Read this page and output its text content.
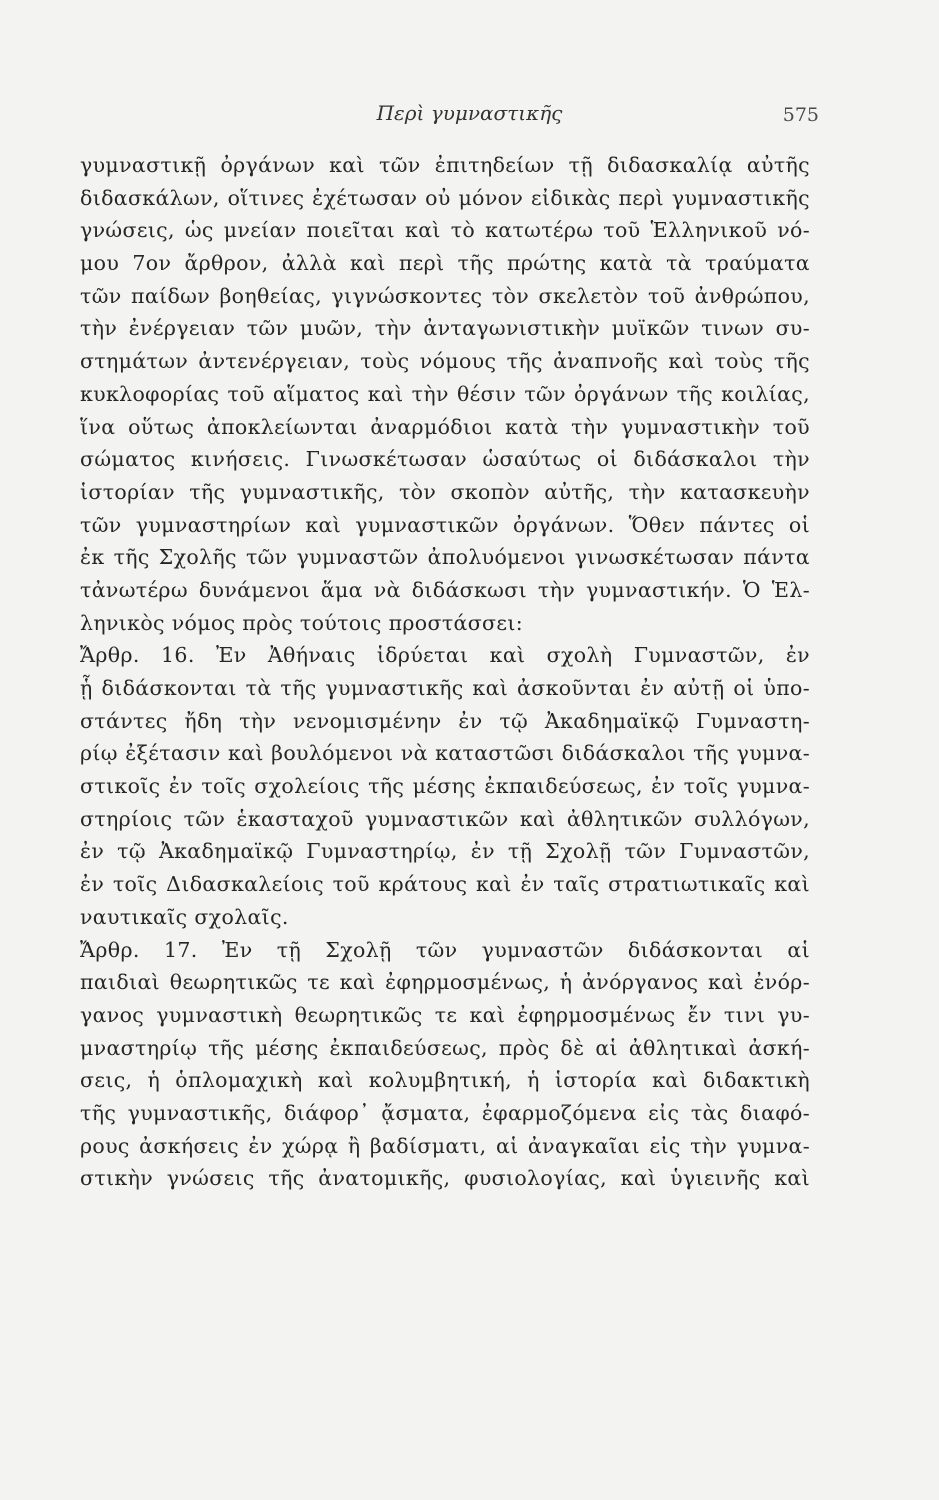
Περὶ γυμναστικῆς	575
γυμναστικῇ ὀργάνων καὶ τῶν ἐπιτηδείων τῇ διδασκαλίᾳ αὐτῆς
διδασκάλων, οἵτινες ἐχέτωσαν οὐ μόνον εἰδικὰς περὶ γυμναστικῆς
γνώσεις, ὡς μνείαν ποιεῖται καὶ τὸ κατωτέρω τοῦ Ἑλληνικοῦ νό-
μου 7ον ἄρθρον, ἀλλὰ καὶ περὶ τῆς πρώτης κατὰ τὰ τραύματα
τῶν παίδων βοηθείας, γιγνώσκοντες τὸν σκελετὸν τοῦ ἀνθρώπου,
τὴν ἐνέργειαν τῶν μυῶν, τὴν ἀνταγωνιστικὴν μυϊκῶν τινων συ-
στημάτων ἀντενέργειαν, τοὺς νόμους τῆς ἀναπνοῆς καὶ τοὺς τῆς
κυκλοφορίας τοῦ αἵματος καὶ τὴν θέσιν τῶν ὀργάνων τῆς κοιλίας,
ἵνα οὕτως ἀποκλείωνται ἀναρμόδιοι κατὰ τὴν γυμναστικὴν τοῦ
σώματος κινήσεις. Γινωσκέτωσαν ὡσαύτως οἱ διδάσκαλοι τὴν
ἱστορίαν τῆς γυμναστικῆς, τὸν σκοπὸν αὐτῆς, τὴν κατασκευὴν
τῶν γυμναστηρίων καὶ γυμναστικῶν ὀργάνων. Ὅθεν πάντες οἱ
ἐκ τῆς Σχολῆς τῶν γυμναστῶν ἀπολυόμενοι γινωσκέτωσαν πάντα
τἀνωτέρω δυνάμενοι ἅμα νὰ διδάσκωσι τὴν γυμναστικήν. Ὁ Ἑλ-
ληνικὸς νόμος πρὸς τούτοις προστάσσει:
Ἄρθρ. 16. Ἐν Ἀθήναις ἱδρύεται καὶ σχολὴ Γυμναστῶν, ἐν
ᾗ διδάσκονται τὰ τῆς γυμναστικῆς καὶ ἀσκοῦνται ἐν αὐτῇ οἱ ὑπο-
στάντες ἤδη τὴν νενομισμένην ἐν τῷ Ἀκαδημαϊκῷ Γυμναστη-
ρίῳ ἐξέτασιν καὶ βουλόμενοι νὰ καταστῶσι διδάσκαλοι τῆς γυμνα-
στικοῖς ἐν τοῖς σχολείοις τῆς μέσης ἐκπαιδεύσεως, ἐν τοῖς γυμνα-
στηρίοις τῶν ἑκασταχοῦ γυμναστικῶν καὶ ἀθλητικῶν συλλόγων,
ἐν τῷ Ἀκαδημαϊκῷ Γυμναστηρίῳ, ἐν τῇ Σχολῇ τῶν Γυμναστῶν,
ἐν τοῖς Διδασκαλείοις τοῦ κράτους καὶ ἐν ταῖς στρατιωτικαῖς καὶ
ναυτικαῖς σχολαῖς.
Ἄρθρ. 17. Ἐν τῇ Σχολῇ τῶν γυμναστῶν διδάσκονται αἱ
παιδιαὶ θεωρητικῶς τε καὶ ἐφηρμοσμένως, ἡ ἀνόργανος καὶ ἐνόρ-
γανος γυμναστικὴ θεωρητικῶς τε καὶ ἐφηρμοσμένως ἔν τινι γυ-
μναστηρίῳ τῆς μέσης ἐκπαιδεύσεως, πρὸς δὲ αἱ ἀθλητικαὶ ἀσκή-
σεις, ἡ ὁπλομαχικὴ καὶ κολυμβητική, ἡ ἱστορία καὶ διδακτικὴ
τῆς γυμναστικῆς, διάφορ᾽ ᾄσματα, ἐφαρμοζόμενα εἰς τὰς διαφό-
ρους ἀσκήσεις ἐν χώρᾳ ἢ βαδίσματι, αἱ ἀναγκαῖαι εἰς τὴν γυμνα-
στικὴν γνώσεις τῆς ἀνατομικῆς, φυσιολογίας, καὶ ὑγιεινῆς καὶ
